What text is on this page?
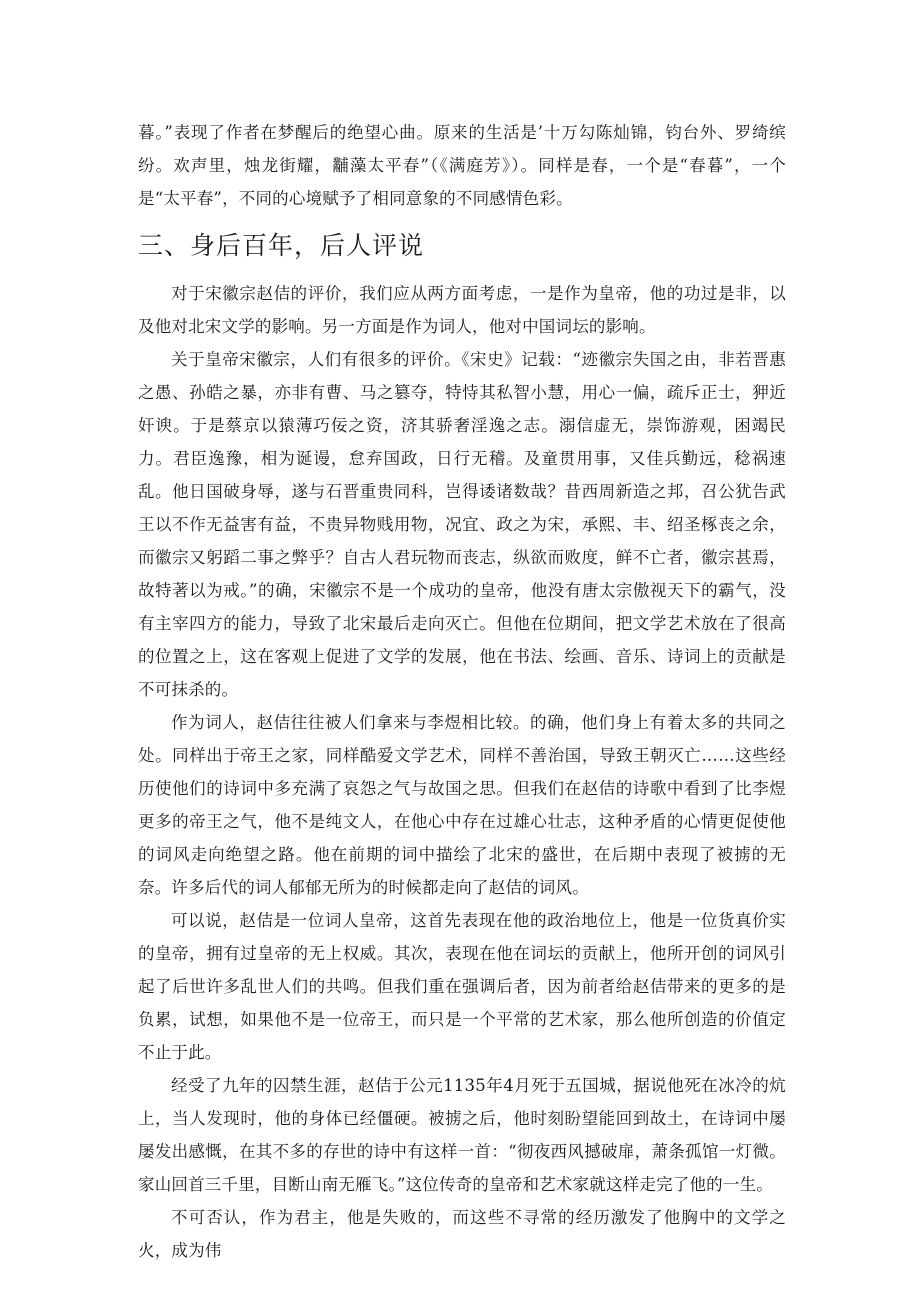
暮。”表现了作者在梦醒后的绝望心曲。原来的生活是’十万勾陈灿锦，钧台外、罗绮缤纷。欢声里，烛龙街耀，黼藻太平春”（《满庭芳》）。同样是春，一个是“春暮”，一个是“太平春”，不同的心境赋予了相同意象的不同感情色彩。

三、身后百年，后人评说

对于宋徽宗赵佶的评价，我们应从两方面考虑，一是作为皇帝，他的功过是非，以及他对北宋文学的影响。另一方面是作为词人，他对中国词坛的影响。

关于皇帝宋徽宗，人们有很多的评价。《宋史》记载：“迹徽宗失国之由，非若晋惠之愚、孙皓之暴，亦非有曹、马之篡夺，特恃其私智小慧，用心一偏，疏斥正士，狎近奸谀。于是蔡京以猿薄巧佞之资，济其骄奢淫逸之志。溺信虚无，崇饰游观，困竭民力。君臣逸豫，相为诞谩，怠弃国政，日行无稽。及童贯用事，又佳兵勤远，稔祸速乱。他日国破身辱，遂与石晋重贵同科，岂得诿诸数哉？昔西周新造之邦，召公犹告武王以不作无益害有益，不贵异物贱用物，况宜、政之为宋，承熙、丰、绍圣椓丧之余，而徽宗又躬蹈二事之弊乎？自古人君玩物而丧志，纵欲而败度，鲜不亡者，徽宗甚焉，故特著以为戒。”的确，宋徽宗不是一个成功的皇帝，他没有唐太宗傲视天下的霸气，没有主宰四方的能力，导致了北宋最后走向灭亡。但他在位期间，把文学艺术放在了很高的位置之上，这在客观上促进了文学的发展，他在书法、绘画、音乐、诗词上的贡献是不可抹杀的。

作为词人，赵佶往往被人们拿来与李煜相比较。的确，他们身上有着太多的共同之处。同样出于帝王之家，同样酷爱文学艺术，同样不善治国，导致王朝灭亡……这些经历使他们的诗词中多充满了哀怨之气与故国之思。但我们在赵佶的诗歌中看到了比李煜更多的帝王之气，他不是纯文人，在他心中存在过雄心壮志，这种矛盾的心情更促使他的词风走向绝望之路。他在前期的词中描绘了北宋的盛世，在后期中表现了被掳的无奈。许多后代的词人郁郁无所为的时候都走向了赵佶的词风。

可以说，赵佶是一位词人皇帝，这首先表现在他的政治地位上，他是一位货真价实的皇帝，拥有过皇帝的无上权威。其次，表现在他在词坛的贡献上，他所开创的词风引起了后世许多乱世人们的共鸣。但我们重在强调后者，因为前者给赵佶带来的更多的是负累，试想，如果他不是一位帝王，而只是一个平常的艺术家，那么他所创造的价值定不止于此。

经受了九年的囚禁生涯，赵佶于公元1135年4月死于五国城，据说他死在冰冷的炕上，当人发现时，他的身体已经僵硬。被掳之后，他时刻盼望能回到故土，在诗词中屡屡发出感慨，在其不多的存世的诗中有这样一首：“彻夜西风撼破扉，萧条孤馆一灯微。家山回首三千里，目断山南无雁飞。”这位传奇的皇帝和艺术家就这样走完了他的一生。

不可否认，作为君主，他是失败的，而这些不寻常的经历激发了他胸中的文学之火，成为伟
